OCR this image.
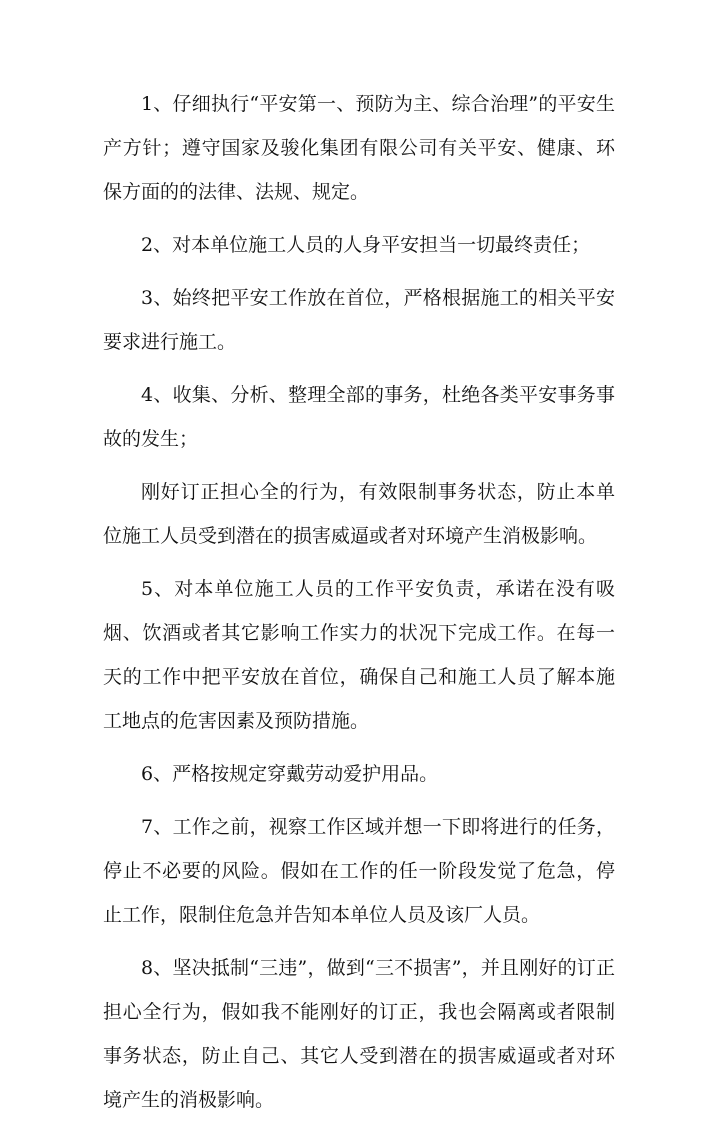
1、仔细执行“平安第一、预防为主、综合治理”的平安生产方针；遵守国家及骏化集团有限公司有关平安、健康、环保方面的的法律、法规、规定。

2、对本单位施工人员的人身平安担当一切最终责任；

3、始终把平安工作放在首位，严格根据施工的相关平安要求进行施工。

4、收集、分析、整理全部的事务，杜绝各类平安事务事故的发生；

刚好订正担心全的行为，有效限制事务状态，防止本单位施工人员受到潜在的损害威逼或者对环境产生消极影响。

5、对本单位施工人员的工作平安负责，承诺在没有吸烟、饮酒或者其它影响工作实力的状况下完成工作。在每一天的工作中把平安放在首位，确保自己和施工人员了解本施工地点的危害因素及预防措施。

6、严格按规定穿戴劳动爱护用品。

7、工作之前，视察工作区域并想一下即将进行的任务，停止不必要的风险。假如在工作的任一阶段发觉了危急，停止工作，限制住危急并告知本单位人员及该厂人员。

8、坚决抵制“三违”，做到“三不损害”，并且刚好的订正担心全行为，假如我不能刚好的订正，我也会隔离或者限制事务状态，防止自己、其它人受到潜在的损害威逼或者对环境产生的消极影响。
